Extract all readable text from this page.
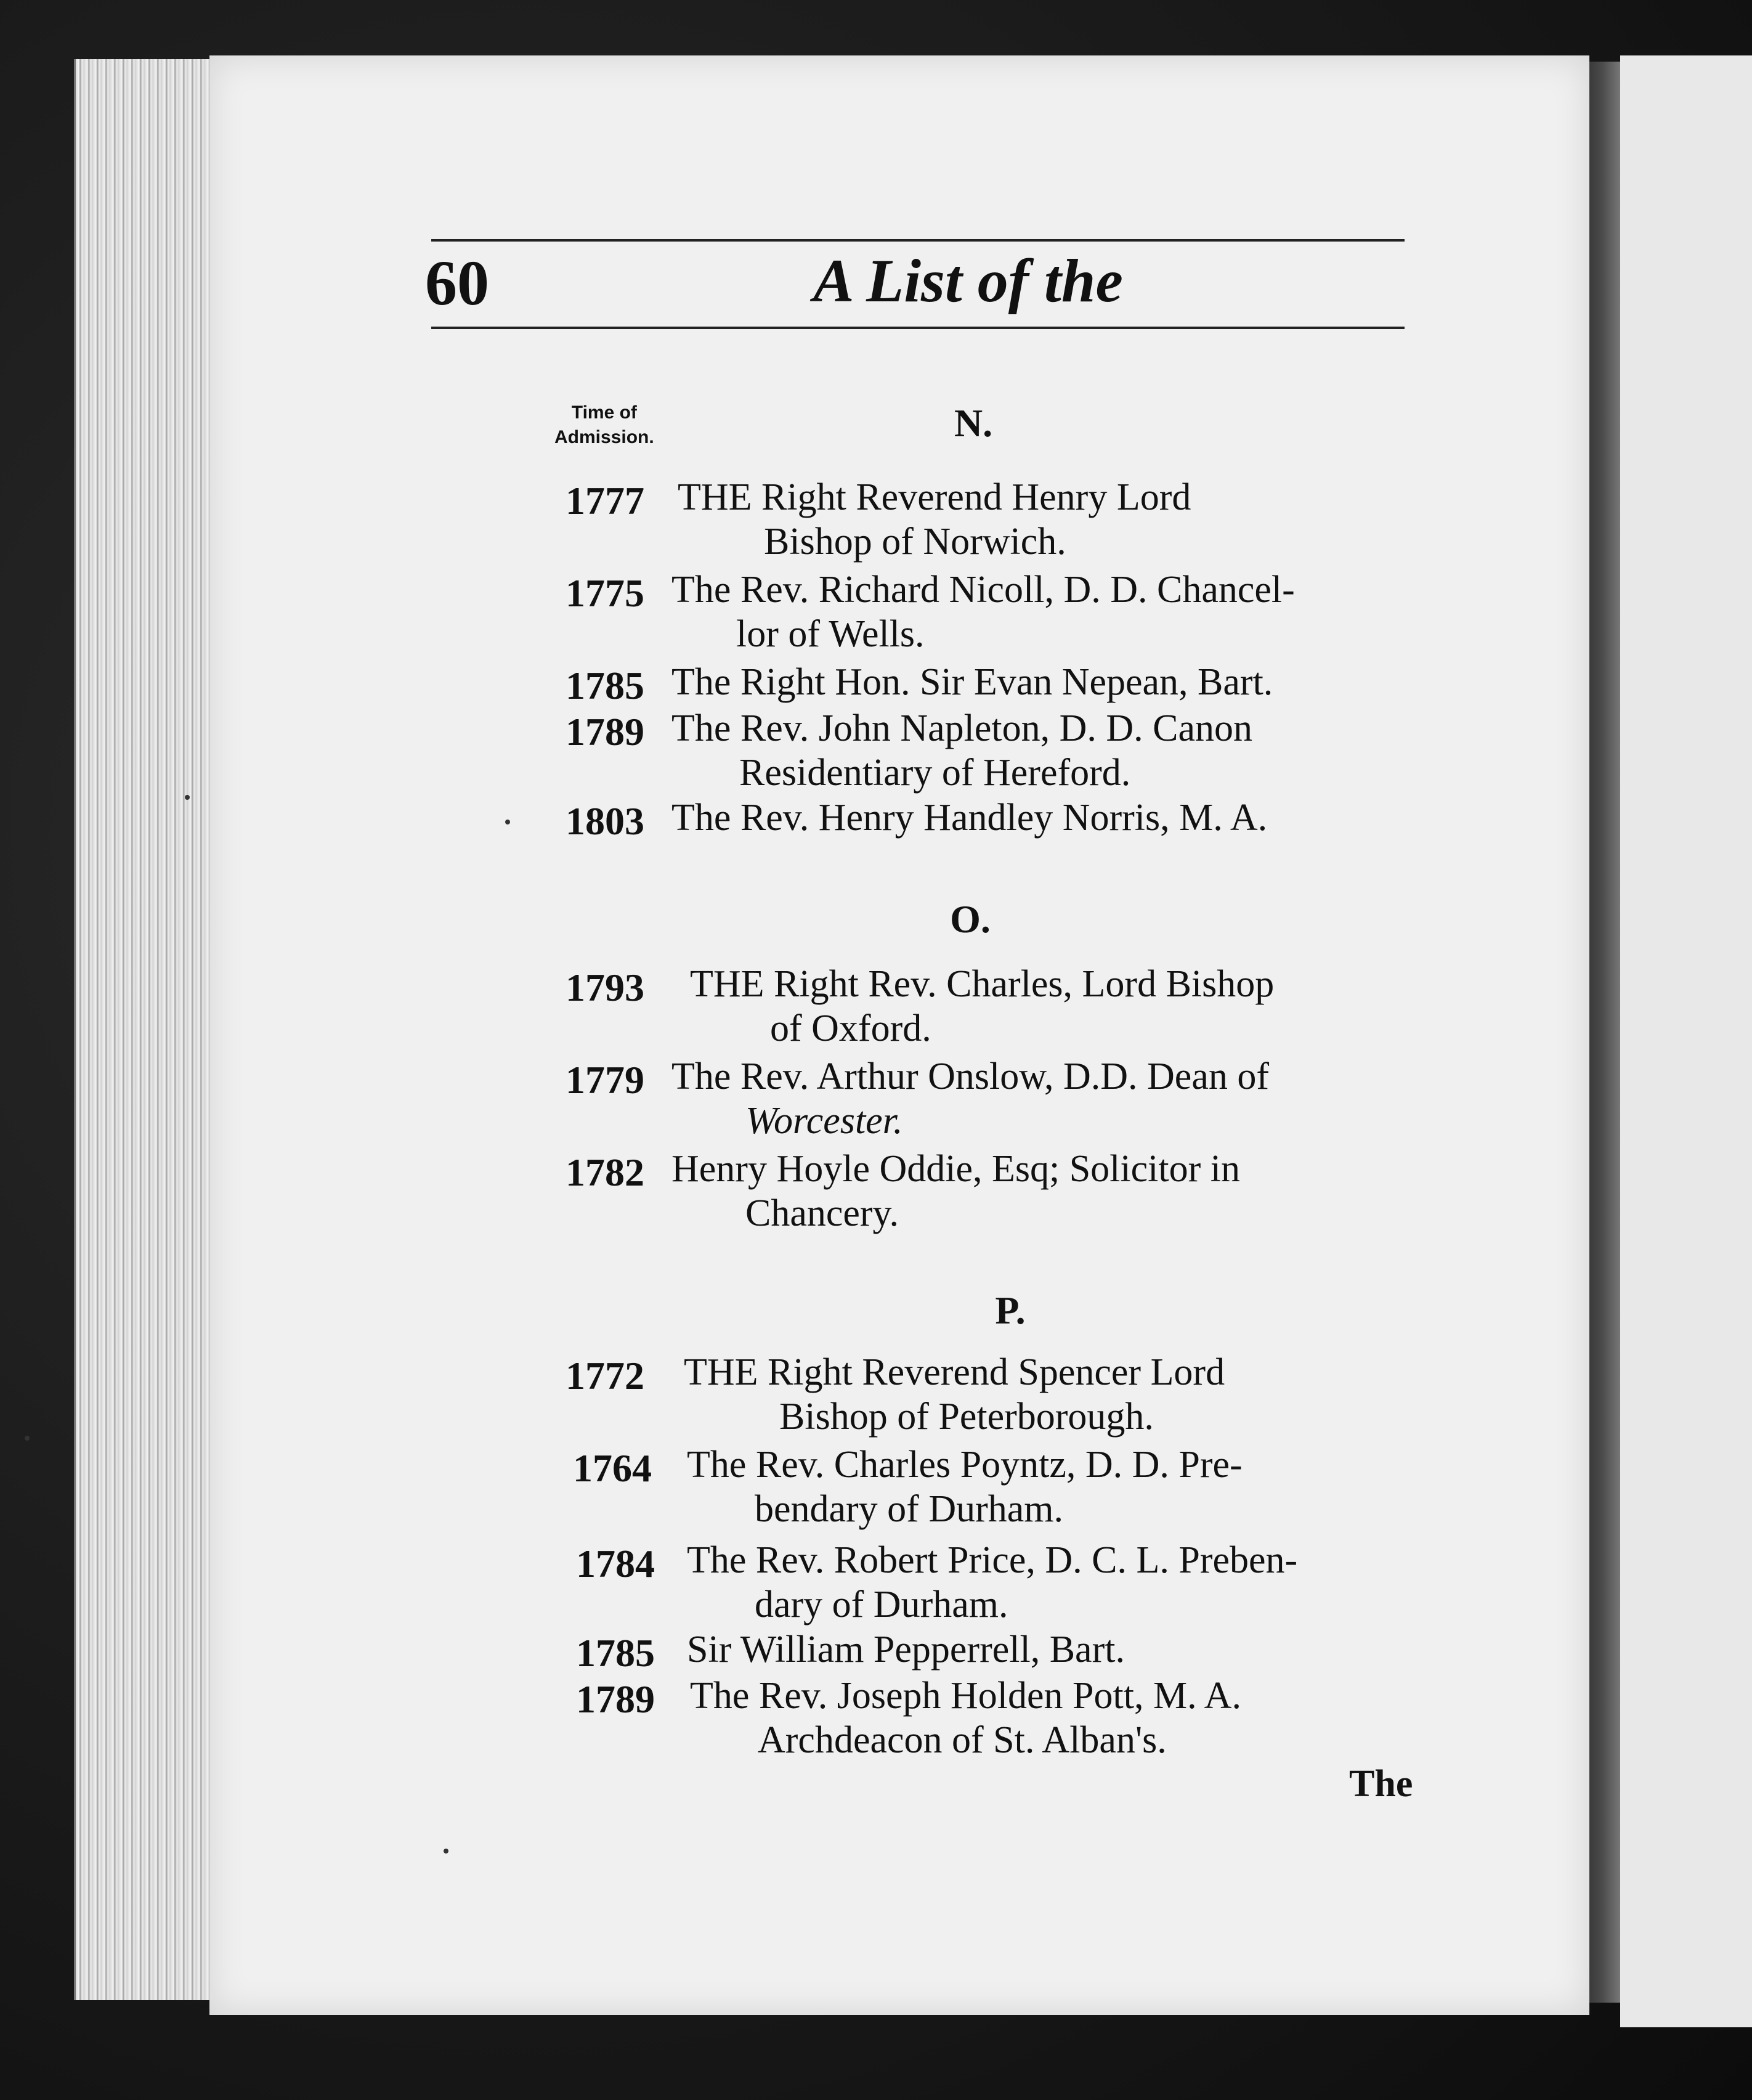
60	A List of the
Time of
Admission.	N.
1777 THE Right Reverend Henry Lord
Bishop of Norwich.
1775 The Rev. Richard Nicoll, D. D. Chancel-
lor of Wells.
1785 The Right Hon. Sir Evan Nepean, Bart.
1789 The Rev. John Napleton, D. D. Canon
Residentiary of Hereford.
1803 The Rev. Henry Handley Norris, M. A.
O.
1793 THE Right Rev. Charles, Lord Bishop
of Oxford.
1779 The Rev. Arthur Onslow, D.D. Dean of
Worcester.
1782 Henry Hoyle Oddie, Esq; Solicitor in
Chancery.
P.
1772 THE Right Reverend Spencer Lord
Bishop of Peterborough.
1764 The Rev. Charles Poyntz, D. D. Pre-
bendary of Durham.
1784 The Rev. Robert Price, D. C. L. Preben-
dary of Durham.
1785 Sir William Pepperrell, Bart.
1789 The Rev. Joseph Holden Pott, M. A.
Archdeacon of St. Alban's.
The
